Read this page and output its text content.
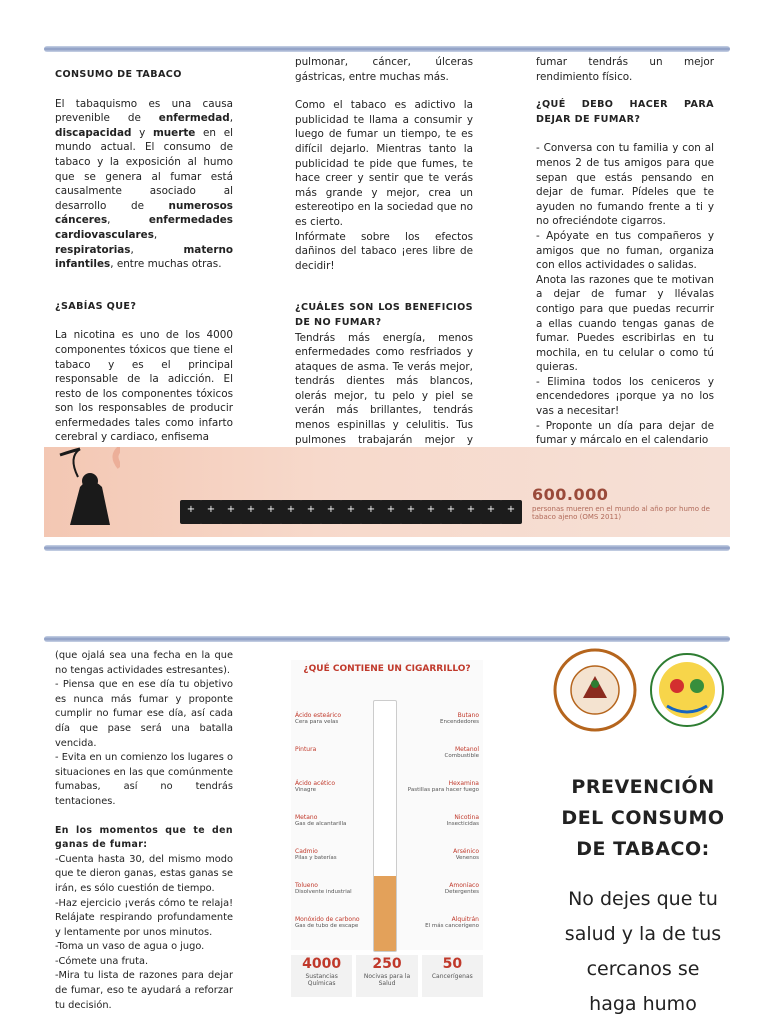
CONSUMO DE TABACO

El tabaquismo es una causa prevenible de enfermedad, discapacidad y muerte en el mundo actual. El consumo de tabaco y la exposición al humo que se genera al fumar está causalmente asociado al desarrollo de numerosos cánceres, enfermedades cardiovasculares, respiratorias, materno infantiles, entre muchas otras.

¿SABÍAS QUE?

La nicotina es uno de los 4000 componentes tóxicos que tiene el tabaco y es el principal responsable de la adicción. El resto de los componentes tóxicos son los responsables de producir enfermedades tales como infarto cerebral y cardiaco, enfisema

pulmonar, cáncer, úlceras gástricas, entre muchas más.

Como el tabaco es adictivo la publicidad te llama a consumir y luego de fumar un tiempo, te es difícil dejarlo. Mientras tanto la publicidad te pide que fumes, te hace creer y sentir que te verás más grande y mejor, crea un estereotipo en la sociedad que no es cierto.

Infórmate sobre los efectos dañinos del tabaco ¡eres libre de decidir!

¿CUÁLES SON LOS BENEFICIOS DE NO FUMAR?

Tendrás más energía, menos enfermedades como resfriados y ataques de asma. Te verás mejor, tendrás dientes más blancos, olerás mejor, tu pelo y piel se verán más brillantes, tendrás menos espinillas y celulitis. Tus pulmones trabajarán mejor y

fumar tendrás un mejor rendimiento físico.

¿QUÉ DEBO HACER PARA DEJAR DE FUMAR?

- Conversa con tu familia y con al menos 2 de tus amigos para que sepan que estás pensando en dejar de fumar. Pídeles que te ayuden no fumando frente a ti y no ofreciéndote cigarros.

- Apóyate en tus compañeros y amigos que no fuman, organiza con ellos actividades o salidas.

Anota las razones que te motivan a dejar de fumar y llévalas contigo para que puedas recurrir a ellas cuando tengas ganas de fumar. Puedes escribirlas en tu mochila, en tu celular o como tú quieras.

- Elimina todos los ceniceros y encendedores ¡porque ya no los vas a necesitar!

- Proponte un día para dejar de fumar y márcalo en el calendario

+
+
+
+
+
+
+
+
+
+
+
+
+
+
+
+
+
600.000
personas mueren en el mundo al año por humo de tabaco ajeno (OMS 2011)

(que ojalá sea una fecha en la que no tengas actividades estresantes).

- Piensa que en ese día tu objetivo es nunca más fumar y proponte cumplir no fumar ese día, así cada día que pase será una batalla vencida.

- Evita en un comienzo los lugares o situaciones en las que comúnmente fumabas, así no tendrás tentaciones.

En los momentos que te den ganas de fumar:

-Cuenta hasta 30, del mismo modo que te dieron ganas, estas ganas se irán, es sólo cuestión de tiempo.

-Haz ejercicio ¡verás cómo te relaja! Relájate respirando profundamente y lentamente por unos minutos.

-Toma un vaso de agua o jugo.

-Cómete una fruta.

-Mira tu lista de razones para dejar de fumar, eso te ayudará a reforzar tu decisión.

¿QUÉ CONTIENE UN CIGARRILLO?
Ácido esteárico
Cera para velas
Pintura
Ácido acético
Vinagre
Metano
Gas de alcantarilla
Cadmio
Pilas y baterías
Tolueno
Disolvente industrial
Monóxido de carbono
Gas de tubo de escape
Butano
Encendedores
Metanol
Combustible
Hexamina
Pastillas para hacer fuego
Nicotina
Insecticidas
Arsénico
Venenos
Amoníaco
Detergentes
Alquitrán
El más cancerígeno
4000
Sustancias Químicas
250
Nocivas para la Salud
50
Cancerígenas
PREVENCIÓN
DEL CONSUMO
DE TABACO:
No dejes que tu
salud y la de tus
cercanos se
haga humo
